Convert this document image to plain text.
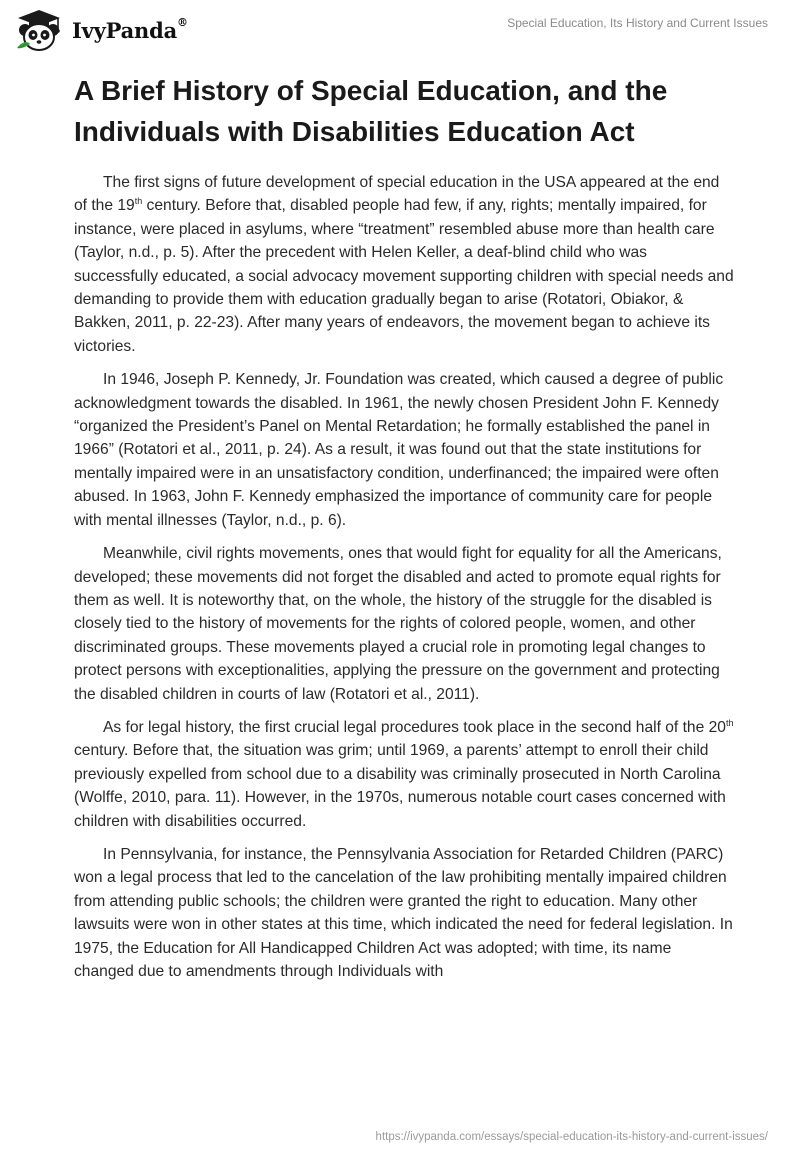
IvyPanda®	Special Education, Its History and Current Issues
A Brief History of Special Education, and the Individuals with Disabilities Education Act

The first signs of future development of special education in the USA appeared at the end of the 19th century. Before that, disabled people had few, if any, rights; mentally impaired, for instance, were placed in asylums, where “treatment” resembled abuse more than health care (Taylor, n.d., p. 5). After the precedent with Helen Keller, a deaf-blind child who was successfully educated, a social advocacy movement supporting children with special needs and demanding to provide them with education gradually began to arise (Rotatori, Obiakor, & Bakken, 2011, p. 22-23). After many years of endeavors, the movement began to achieve its victories.

In 1946, Joseph P. Kennedy, Jr. Foundation was created, which caused a degree of public acknowledgment towards the disabled. In 1961, the newly chosen President John F. Kennedy “organized the President’s Panel on Mental Retardation; he formally established the panel in 1966” (Rotatori et al., 2011, p. 24). As a result, it was found out that the state institutions for mentally impaired were in an unsatisfactory condition, underfinanced; the impaired were often abused. In 1963, John F. Kennedy emphasized the importance of community care for people with mental illnesses (Taylor, n.d., p. 6).

Meanwhile, civil rights movements, ones that would fight for equality for all the Americans, developed; these movements did not forget the disabled and acted to promote equal rights for them as well. It is noteworthy that, on the whole, the history of the struggle for the disabled is closely tied to the history of movements for the rights of colored people, women, and other discriminated groups. These movements played a crucial role in promoting legal changes to protect persons with exceptionalities, applying the pressure on the government and protecting the disabled children in courts of law (Rotatori et al., 2011).

As for legal history, the first crucial legal procedures took place in the second half of the 20th century. Before that, the situation was grim; until 1969, a parents’ attempt to enroll their child previously expelled from school due to a disability was criminally prosecuted in North Carolina (Wolffe, 2010, para. 11). However, in the 1970s, numerous notable court cases concerned with children with disabilities occurred.

In Pennsylvania, for instance, the Pennsylvania Association for Retarded Children (PARC) won a legal process that led to the cancelation of the law prohibiting mentally impaired children from attending public schools; the children were granted the right to education. Many other lawsuits were won in other states at this time, which indicated the need for federal legislation. In 1975, the Education for All Handicapped Children Act was adopted; with time, its name changed due to amendments through Individuals with

https://ivypanda.com/essays/special-education-its-history-and-current-issues/
